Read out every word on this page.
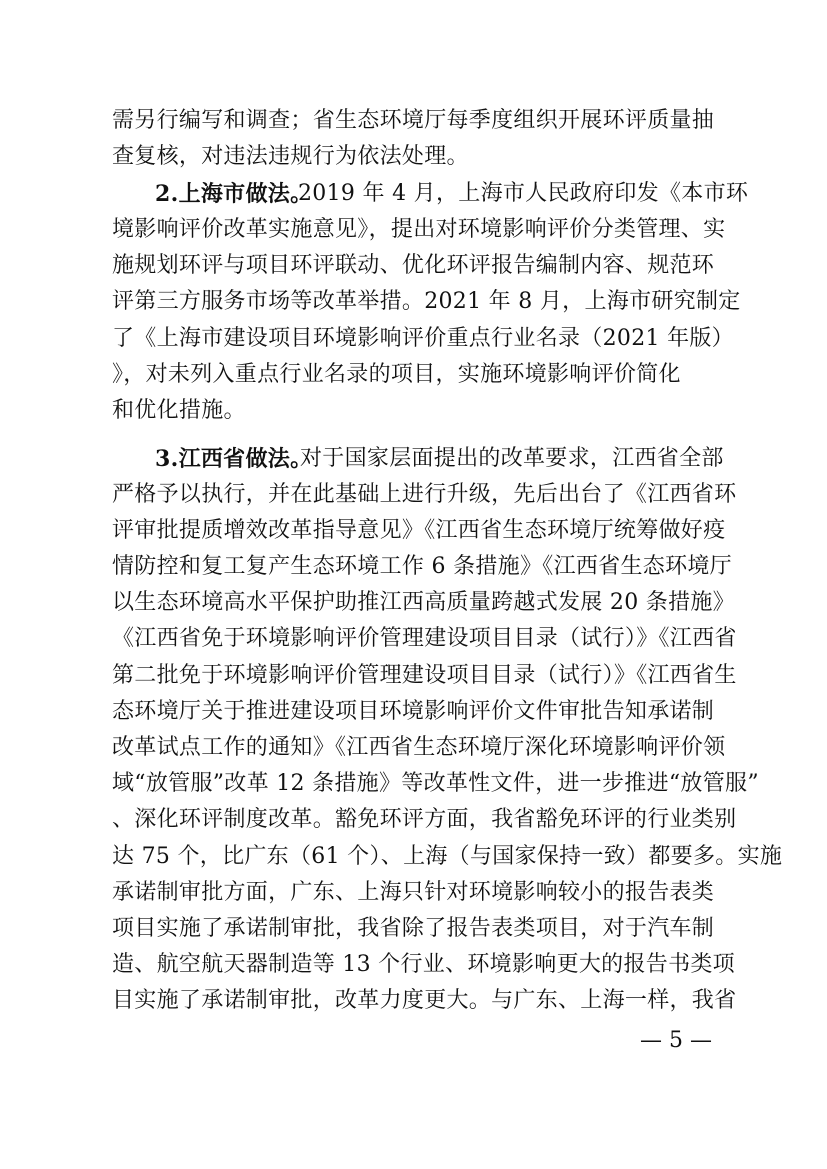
需另行编写和调查；省生态环境厅每季度组织开展环评质量抽
查复核，对违法违规行为依法处理。
2.上海市做法。
2019 年 4 月，上海市人民政府印发《本市环
境影响评价改革实施意见》，提出对环境影响评价分类管理、实
施规划环评与项目环评联动、优化环评报告编制内容、规范环
评第三方服务市场等改革举措。2021 年 8 月，上海市研究制定
了《上海市建设项目环境影响评价重点行业名录（2021 年版）
》，对未列入重点行业名录的项目，实施环境影响评价简化
和优化措施。
3.江西省做法。
对于国家层面提出的改革要求，江西省全部
严格予以执行，并在此基础上进行升级，先后出台了《江西省环
评审批提质增效改革指导意见》《江西省生态环境厅统筹做好疫
情防控和复工复产生态环境工作 6 条措施》《江西省生态环境厅
以生态环境高水平保护助推江西高质量跨越式发展 20 条措施》
《江西省免于环境影响评价管理建设项目目录（试行）》《江西省
第二批免于环境影响评价管理建设项目目录（试行）》《江西省生
态环境厅关于推进建设项目环境影响评价文件审批告知承诺制
改革试点工作的通知》《江西省生态环境厅深化环境影响评价领
域“放管服”改革 12 条措施》等改革性文件，进一步推进“放管服”
、深化环评制度改革。豁免环评方面，我省豁免环评的行业类别
达 75 个，比广东（61 个）、上海（与国家保持一致）都要多。实施
承诺制审批方面，广东、上海只针对环境影响较小的报告表类
项目实施了承诺制审批，我省除了报告表类项目，对于汽车制
造、航空航天器制造等 13 个行业、环境影响更大的报告书类项
目实施了承诺制审批，改革力度更大。与广东、上海一样，我省
— 5 —
